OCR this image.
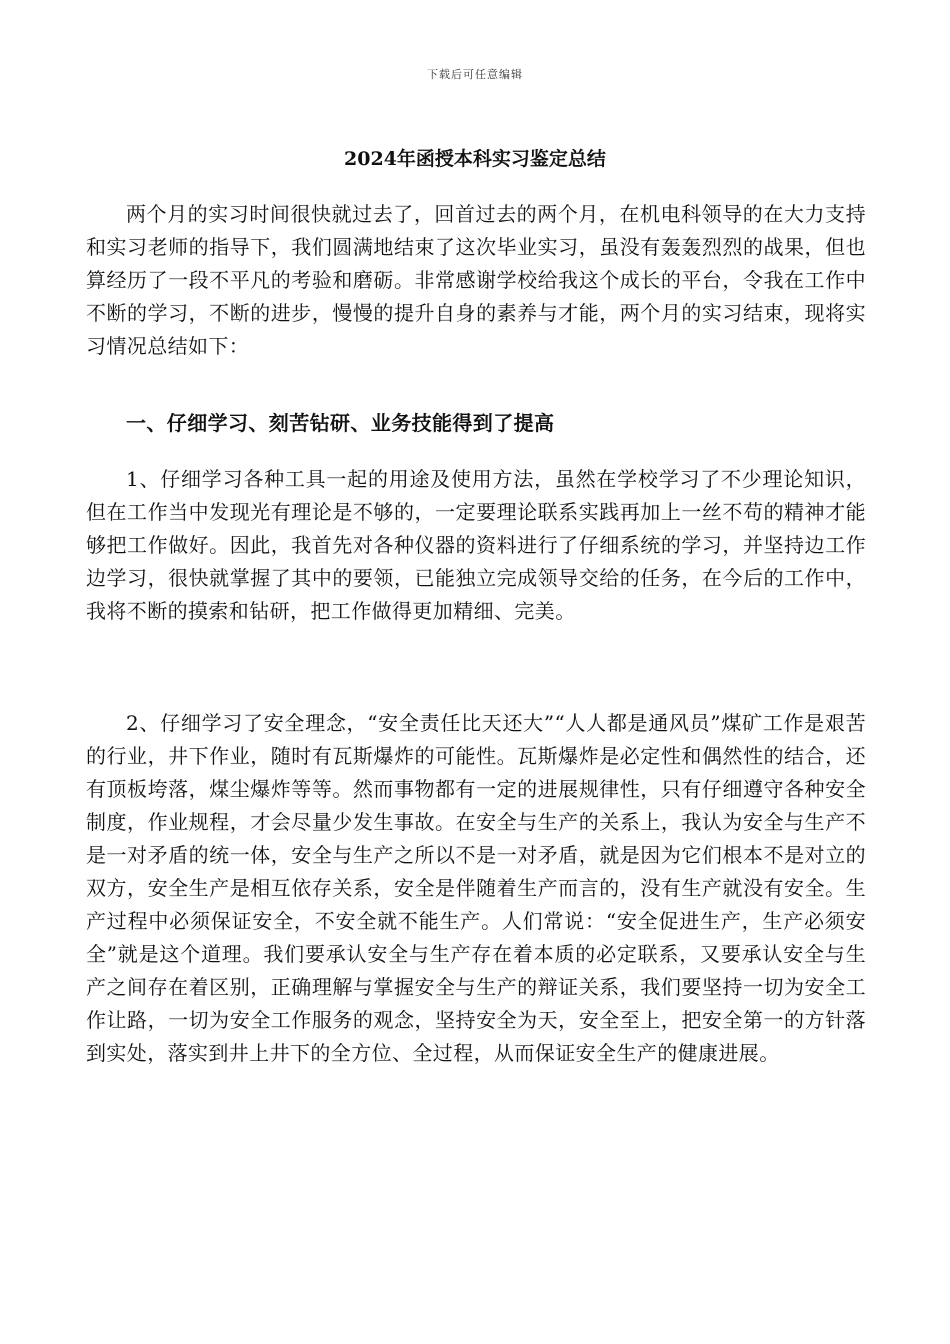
下载后可任意编辑
2024年函授本科实习鉴定总结

两个月的实习时间很快就过去了，回首过去的两个月，在机电科领导的在大力支持和实习老师的指导下，我们圆满地结束了这次毕业实习，虽没有轰轰烈烈的战果，但也算经历了一段不平凡的考验和磨砺。非常感谢学校给我这个成长的平台，令我在工作中不断的学习，不断的进步，慢慢的提升自身的素养与才能，两个月的实习结束，现将实习情况总结如下：

一、仔细学习、刻苦钻研、业务技能得到了提高

1、仔细学习各种工具一起的用途及使用方法，虽然在学校学习了不少理论知识，但在工作当中发现光有理论是不够的，一定要理论联系实践再加上一丝不苟的精神才能够把工作做好。因此，我首先对各种仪器的资料进行了仔细系统的学习，并坚持边工作边学习，很快就掌握了其中的要领，已能独立完成领导交给的任务，在今后的工作中，我将不断的摸索和钻研，把工作做得更加精细、完美。

2、仔细学习了安全理念，“安全责任比天还大”“人人都是通风员”煤矿工作是艰苦的行业，井下作业，随时有瓦斯爆炸的可能性。瓦斯爆炸是必定性和偶然性的结合，还有顶板垮落，煤尘爆炸等等。然而事物都有一定的进展规律性，只有仔细遵守各种安全制度，作业规程，才会尽量少发生事故。在安全与生产的关系上，我认为安全与生产不是一对矛盾的统一体，安全与生产之所以不是一对矛盾，就是因为它们根本不是对立的双方，安全生产是相互依存关系，安全是伴随着生产而言的，没有生产就没有安全。生产过程中必须保证安全，不安全就不能生产。人们常说：“安全促进生产，生产必须安全”就是这个道理。我们要承认安全与生产存在着本质的必定联系，又要承认安全与生产之间存在着区别，正确理解与掌握安全与生产的辩证关系，我们要坚持一切为安全工作让路，一切为安全工作服务的观念，坚持安全为天，安全至上，把安全第一的方针落到实处，落实到井上井下的全方位、全过程，从而保证安全生产的健康进展。
